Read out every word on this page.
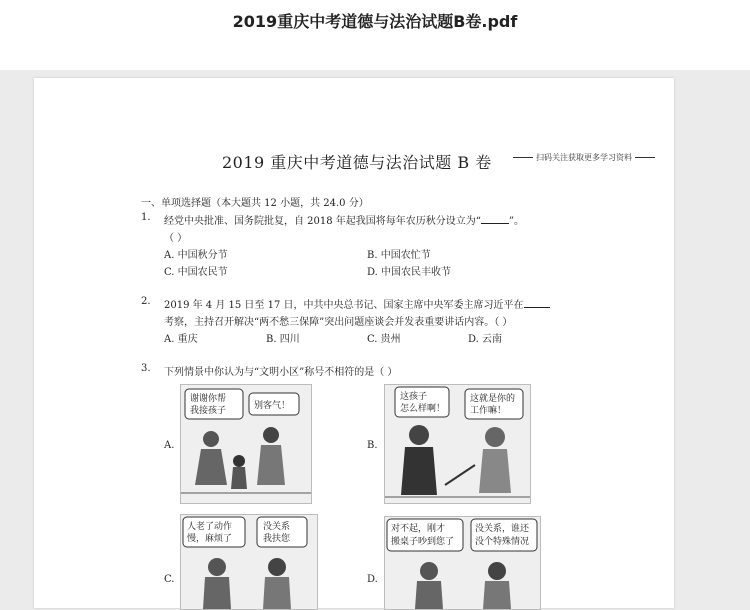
2019重庆中考道德与法治试题B卷.pdf
2019 重庆中考道德与法治试题 B 卷	扫码关注获取更多学习资料
一、单项选择题（本大题共 12 小题，共 24.0 分）
1. 经党中央批准、国务院批复，自 2018 年起我国将每年农历秋分设立为“	”。
（ ）
A. 中国秋分节	B. 中国农忙节
C. 中国农民节	D. 中国农民丰收节
2. 2019 年 4 月 15 日至 17 日，中共中央总书记、国家主席中央军委主席习近平在
考察，主持召开解决“两不愁三保障”突出问题座谈会并发表重要讲话内容。（ ）
A. 重庆	B. 四川	C. 贵州	D. 云南
3. 下列情景中你认为与“文明小区”称号不相符的是（ ）
A.	B.
C.	D.
谢谢你帮
我接孩子	别客气！
这孩子
怎么样啊！
这就是你的
工作嘛！
人老了动作
慢，麻烦了
没关系
我扶您
对不起，刚才
搬桌子吵到您了
没关系，谁还
没个特殊情况
